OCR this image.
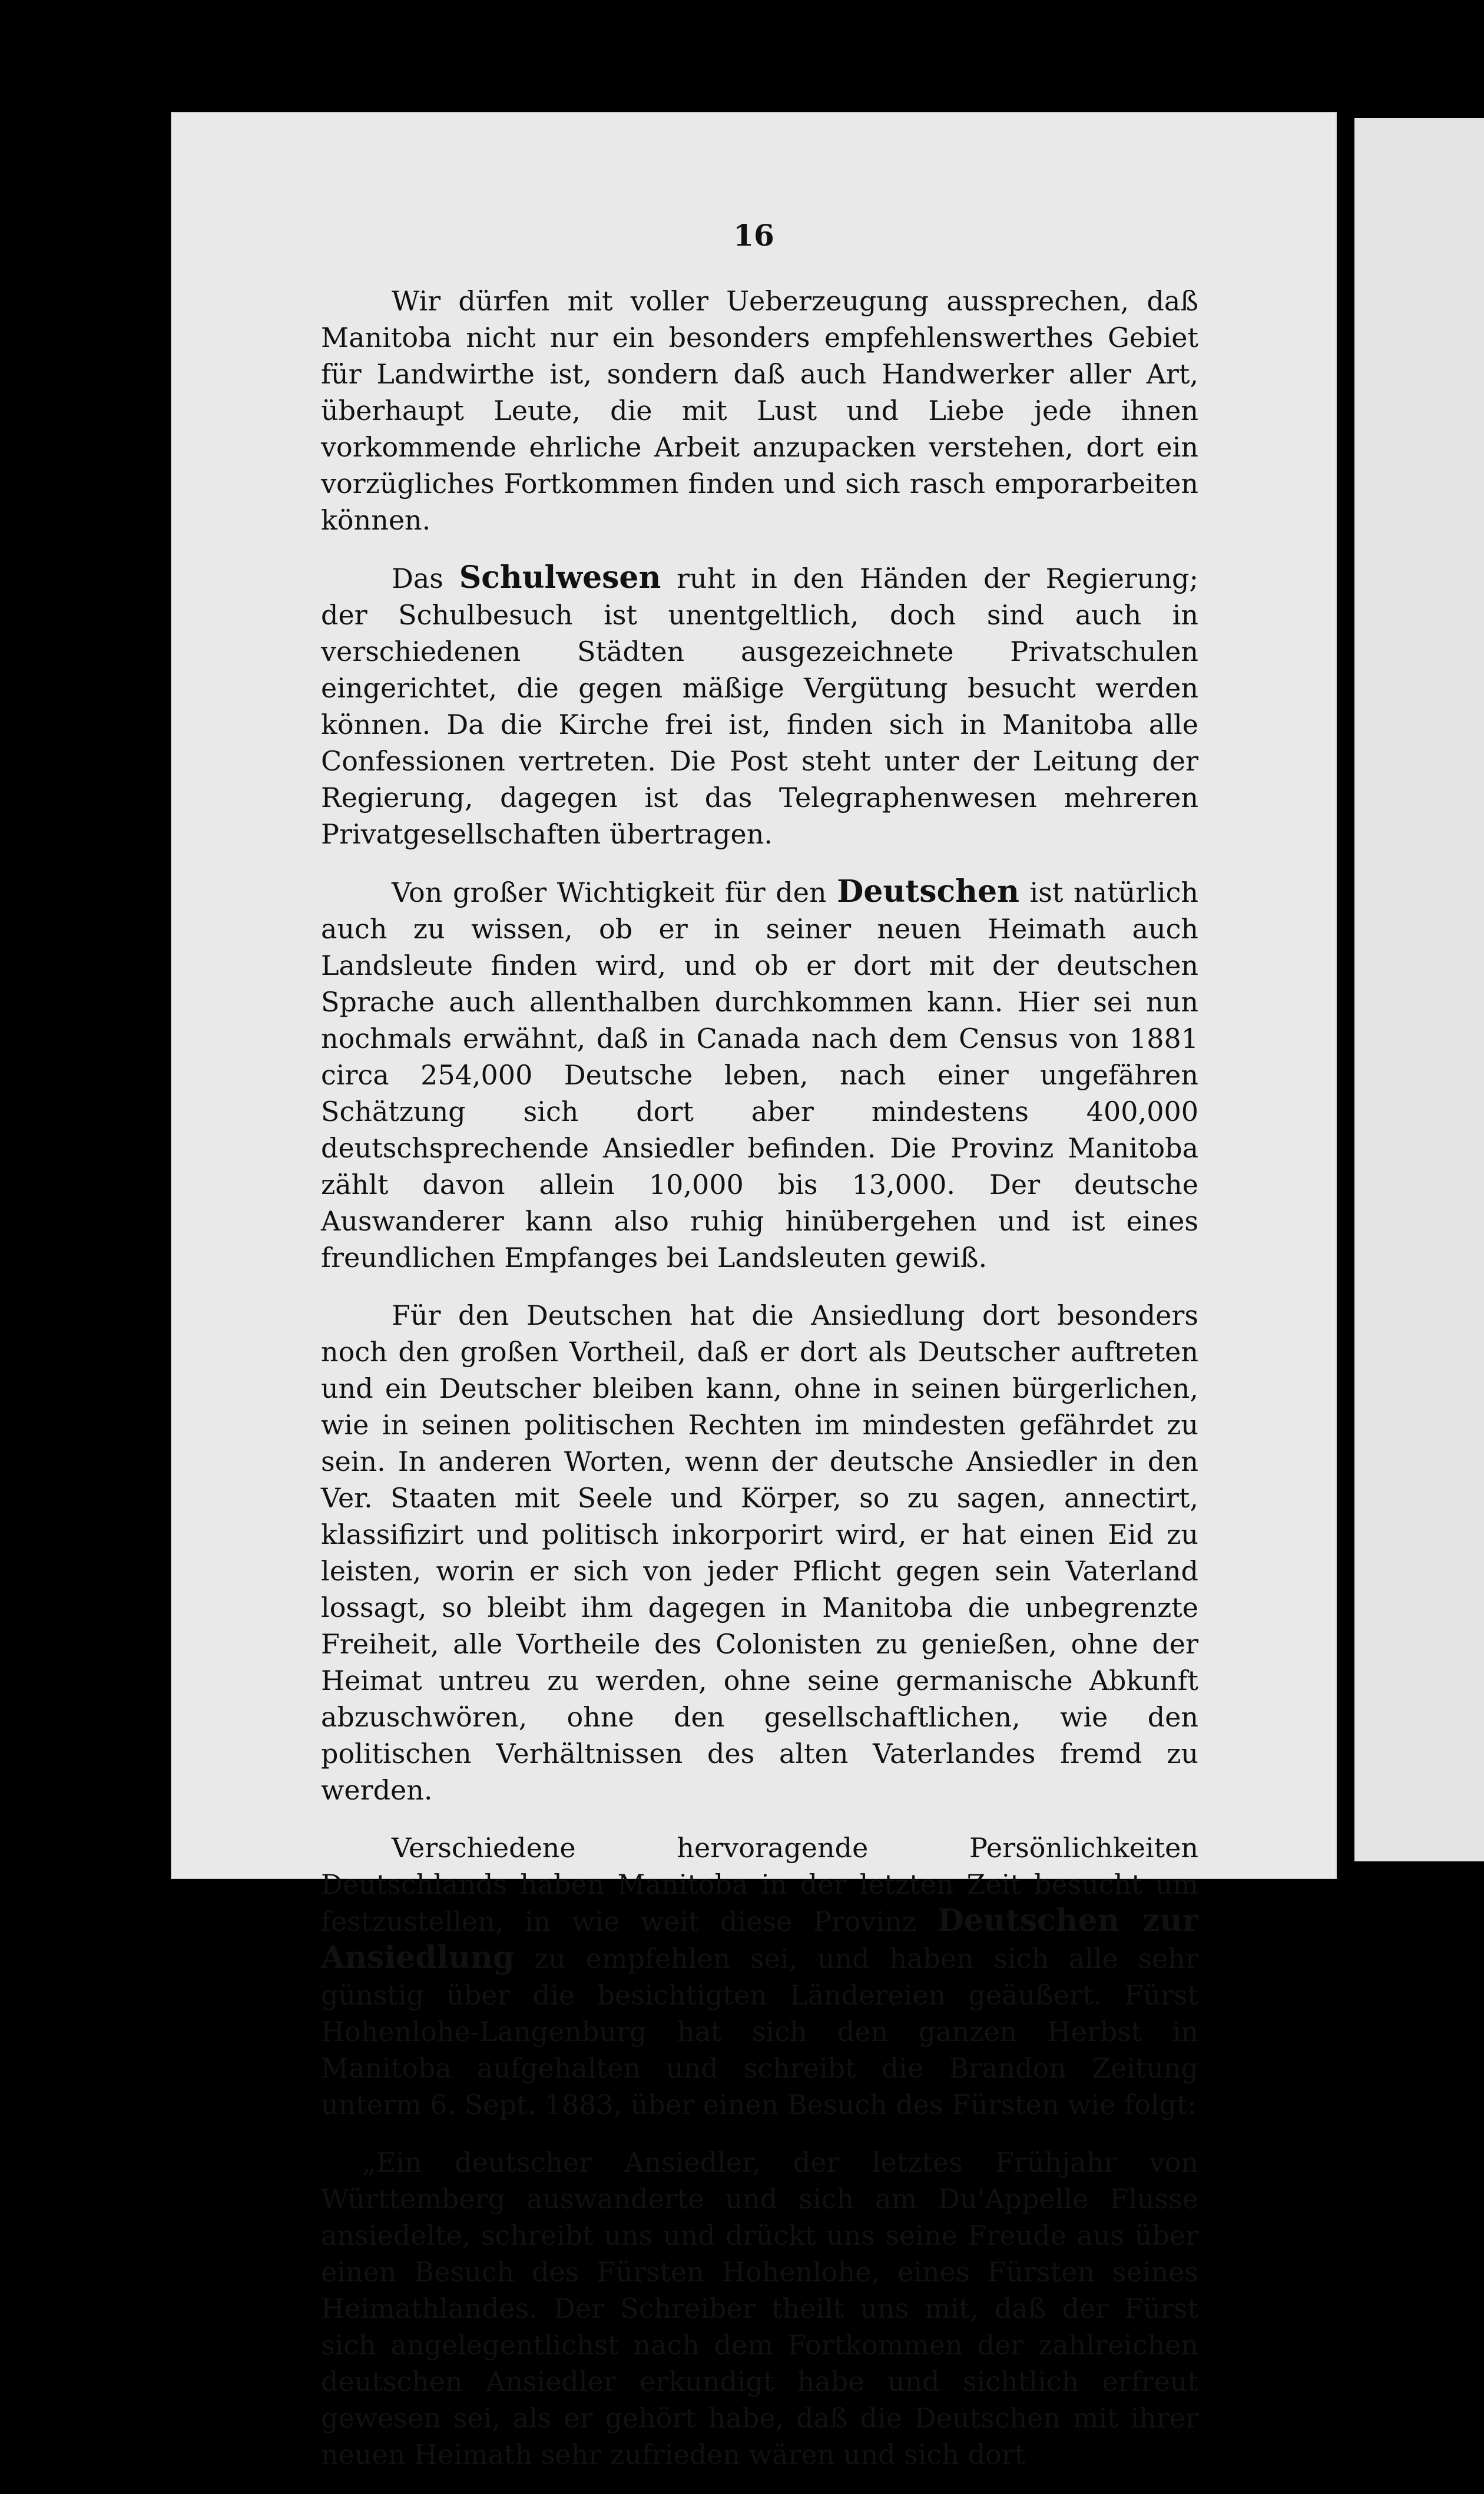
16

Wir dürfen mit voller Ueberzeugung aussprechen, daß Manitoba nicht nur ein besonders empfehlenswerthes Gebiet für Landwirthe ist, sondern daß auch Handwerker aller Art, überhaupt Leute, die mit Lust und Liebe jede ihnen vorkommende ehrliche Arbeit anzupacken verstehen, dort ein vorzügliches Fortkommen finden und sich rasch emporarbeiten können.

Das Schulwesen ruht in den Händen der Regierung; der Schulbesuch ist unentgeltlich, doch sind auch in verschiedenen Städten ausgezeichnete Privatschulen eingerichtet, die gegen mäßige Vergütung besucht werden können. Da die Kirche frei ist, finden sich in Manitoba alle Confessionen vertreten. Die Post steht unter der Leitung der Regierung, dagegen ist das Telegraphenwesen mehreren Privatgesellschaften übertragen.

Von großer Wichtigkeit für den Deutschen ist natürlich auch zu wissen, ob er in seiner neuen Heimath auch Landsleute finden wird, und ob er dort mit der deutschen Sprache auch allenthalben durchkommen kann. Hier sei nun nochmals erwähnt, daß in Canada nach dem Census von 1881 circa 254,000 Deutsche leben, nach einer ungefähren Schätzung sich dort aber mindestens 400,000 deutschsprechende Ansiedler befinden. Die Provinz Manitoba zählt davon allein 10,000 bis 13,000. Der deutsche Auswanderer kann also ruhig hinübergehen und ist eines freundlichen Empfanges bei Landsleuten gewiß.

Für den Deutschen hat die Ansiedlung dort besonders noch den großen Vortheil, daß er dort als Deutscher auftreten und ein Deutscher bleiben kann, ohne in seinen bürgerlichen, wie in seinen politischen Rechten im mindesten gefährdet zu sein. In anderen Worten, wenn der deutsche Ansiedler in den Ver. Staaten mit Seele und Körper, so zu sagen, annectirt, klassifizirt und politisch inkorporirt wird, er hat einen Eid zu leisten, worin er sich von jeder Pflicht gegen sein Vaterland lossagt, so bleibt ihm dagegen in Manitoba die unbegrenzte Freiheit, alle Vortheile des Colonisten zu genießen, ohne der Heimat untreu zu werden, ohne seine germanische Abkunft abzuschwören, ohne den gesellschaftlichen, wie den politischen Verhältnissen des alten Vaterlandes fremd zu werden.

Verschiedene hervoragende Persönlichkeiten Deutschlands haben Manitoba in der letzten Zeit besucht um festzustellen, in wie weit diese Provinz Deutschen zur Ansiedlung zu empfehlen sei, und haben sich alle sehr günstig über die besichtigten Ländereien geäußert. Fürst Hohenlohe-Langenburg hat sich den ganzen Herbst in Manitoba aufgehalten und schreibt die Brandon Zeitung unterm 6. Sept. 1883, über einen Besuch des Fürsten wie folgt:

„Ein deutscher Ansiedler, der letztes Frühjahr von Württemberg auswanderte und sich am Du'Appelle Flusse ansiedelte, schreibt uns und drückt uns seine Freude aus über einen Besuch des Fürsten Hohenlohe, eines Fürsten seines Heimathlandes. Der Schreiber theilt uns mit, daß der Fürst sich angelegentlichst nach dem Fortkommen der zahlreichen deutschen Ansiedler erkundigt habe und sichtlich erfreut gewesen sei, als er gehört habe, daß die Deutschen mit ihrer neuen Heimath sehr zufrieden wären und sich dort
